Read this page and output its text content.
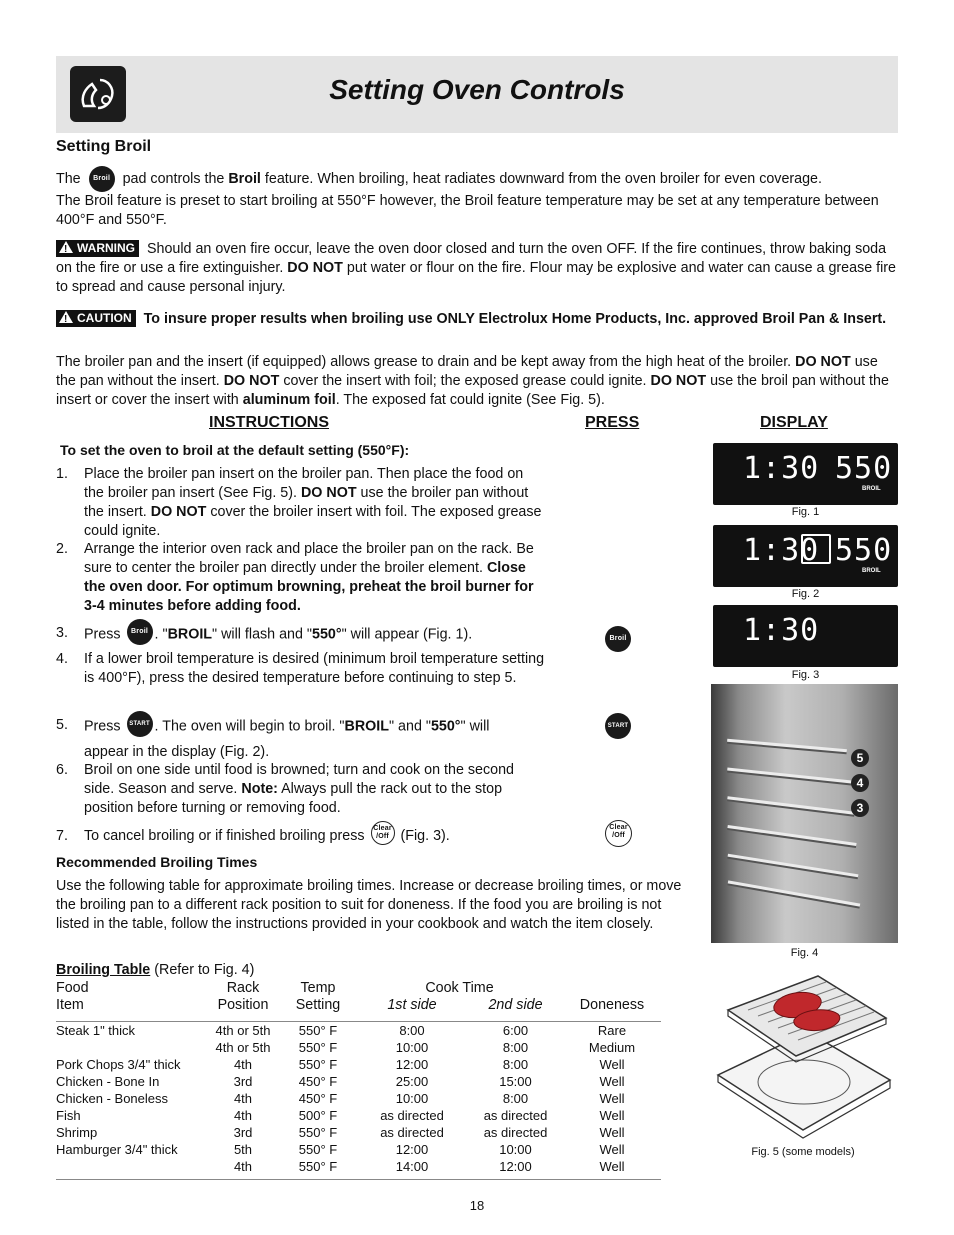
Setting Oven Controls
Setting Broil

The Broil pad controls the Broil feature. When broiling, heat radiates downward from the oven broiler for even coverage.

The Broil feature is preset to start broiling at 550°F however, the Broil feature temperature may be set at any temperature between 400°F and 550°F.

!WARNING Should an oven fire occur, leave the oven door closed and turn the oven OFF. If the fire continues, throw baking soda on the fire or use a fire extinguisher. DO NOT put water or flour on the fire. Flour may be explosive and water can cause a grease fire to spread and cause personal injury.

!CAUTION To insure proper results when broiling use ONLY Electrolux Home Products, Inc. approved Broil Pan & Insert.

The broiler pan and the insert (if equipped) allows grease to drain and be kept away from the high heat of the broiler. DO NOT use the pan without the insert. DO NOT cover the insert with foil; the exposed grease could ignite. DO NOT use the broil pan without the insert or cover the insert with aluminum foil. The exposed fat could ignite (See Fig. 5).

INSTRUCTIONS	PRESS	DISPLAY
To set the oven to broil at the default setting (550°F):
1. Place the broiler pan insert on the broiler pan. Then place the food on the broiler pan insert (See Fig. 5). DO NOT use the broiler pan without the insert. DO NOT cover the broiler insert with foil. The exposed grease could ignite.
2. Arrange the interior oven rack and place the broiler pan on the rack. Be sure to center the broiler pan directly under the broiler element. Close the oven door. For optimum browning, preheat the broil burner for 3-4 minutes before adding food.
3. Press Broil . "BROIL" will flash and "550°" will appear (Fig. 1).
4. If a lower broil temperature is desired (minimum broil temperature setting is 400°F), press the desired temperature before continuing to step 5.
5. Press START . The oven will begin to broil. "BROIL" and "550°" will
appear in the display (Fig. 2).
6. Broil on one side until food is browned; turn and cook on the second side. Season and serve. Note: Always pull the rack out to the stop position before turning or removing food.
7. To cancel broiling or if finished broiling press Clear
/Off (Fig. 3).
Broil
START
Clear
/Off
1:30 550
BROIL
Fig. 1
1:30 550
BROIL
Fig. 2
1:30
Fig. 3
5
4
3
Fig. 4
Fig. 5 (some models)
Recommended Broiling Times

Use the following table for approximate broiling times. Increase or decrease broiling times, or move the broiling pan to a different rack position to suit for doneness. If the food you are broiling is not listed in the table, follow the instructions provided in your cookbook and watch the item closely.

Broiling Table (Refer to Fig. 4)
Food	Rack	Temp	Cook Time		
Item	Position	Setting	1st side	2nd side	Doneness

Steak 1" thick	4th or 5th	550° F	8:00	6:00	Rare
	4th or 5th	550° F	10:00	8:00	Medium
Pork Chops 3/4" thick	4th	550° F	12:00	8:00	Well
Chicken - Bone In	3rd	450° F	25:00	15:00	Well
Chicken - Boneless	4th	450° F	10:00	8:00	Well
Fish	4th	500° F	as directed	as directed	Well
Shrimp	3rd	550° F	as directed	as directed	Well
Hamburger 3/4" thick	5th	550° F	12:00	10:00	Well
	4th	550° F	14:00	12:00	Well
18
